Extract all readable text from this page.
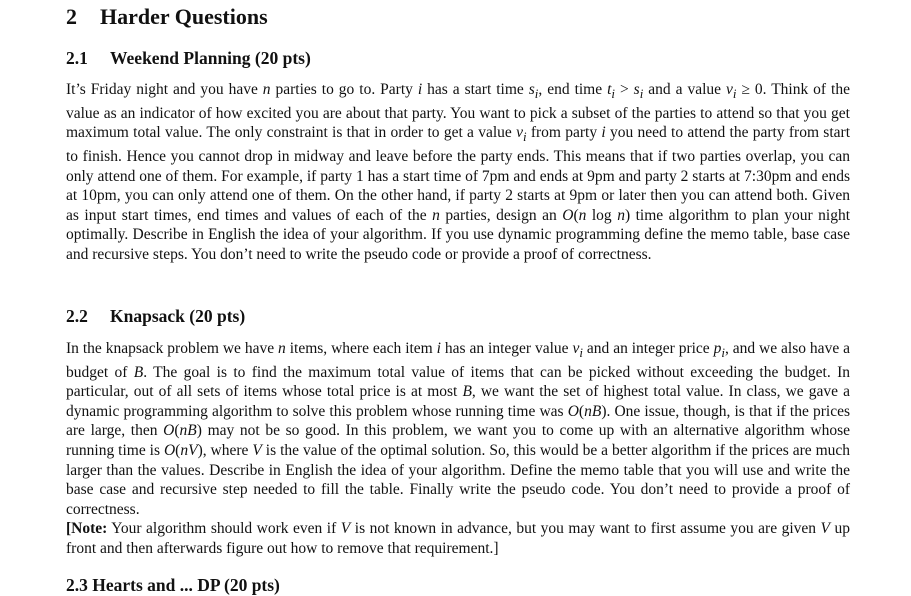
2 Harder Questions
2.1 Weekend Planning (20 pts)

It’s Friday night and you have n parties to go to. Party i has a start time $s_i$, end time $t_i > s_i$ and a value $v_i \ge 0$. Think of the value as an indicator of how excited you are about that party. You want to pick a subset of the parties to attend so that you get maximum total value. The only constraint is that in order to get a value $v_i$ from party i you need to attend the party from start to finish. Hence you cannot drop in midway and leave before the party ends. This means that if two parties overlap, you can only attend one of them. For example, if party 1 has a start time of 7pm and ends at 9pm and party 2 starts at 7:30pm and ends at 10pm, you can only attend one of them. On the other hand, if party 2 starts at 9pm or later then you can attend both. Given as input start times, end times and values of each of the n parties, design an O(n log n) time algorithm to plan your night optimally. Describe in English the idea of your algorithm. If you use dynamic programming define the memo table, base case and recursive steps. You don’t need to write the pseudo code or provide a proof of correctness.

2.2 Knapsack (20 pts)

In the knapsack problem we have n items, where each item i has an integer value $v_i$ and an integer price $p_i$, and we also have a budget of B. The goal is to find the maximum total value of items that can be picked without exceeding the budget. In particular, out of all sets of items whose total price is at most B, we want the set of highest total value. In class, we gave a dynamic programming algorithm to solve this problem whose running time was O(nB). One issue, though, is that if the prices are large, then O(nB) may not be so good. In this problem, we want you to come up with an alternative algorithm whose running time is O(nV), where V is the value of the optimal solution. So, this would be a better algorithm if the prices are much larger than the values. Describe in English the idea of your algorithm. Define the memo table that you will use and write the base case and recursive step needed to fill the table. Finally write the pseudo code. You don’t need to provide a proof of correctness.
[Note: Your algorithm should work even if V is not known in advance, but you may want to first assume you are given V up front and then afterwards figure out how to remove that requirement.]

2.3 Hearts and ... DP (20 pts)
